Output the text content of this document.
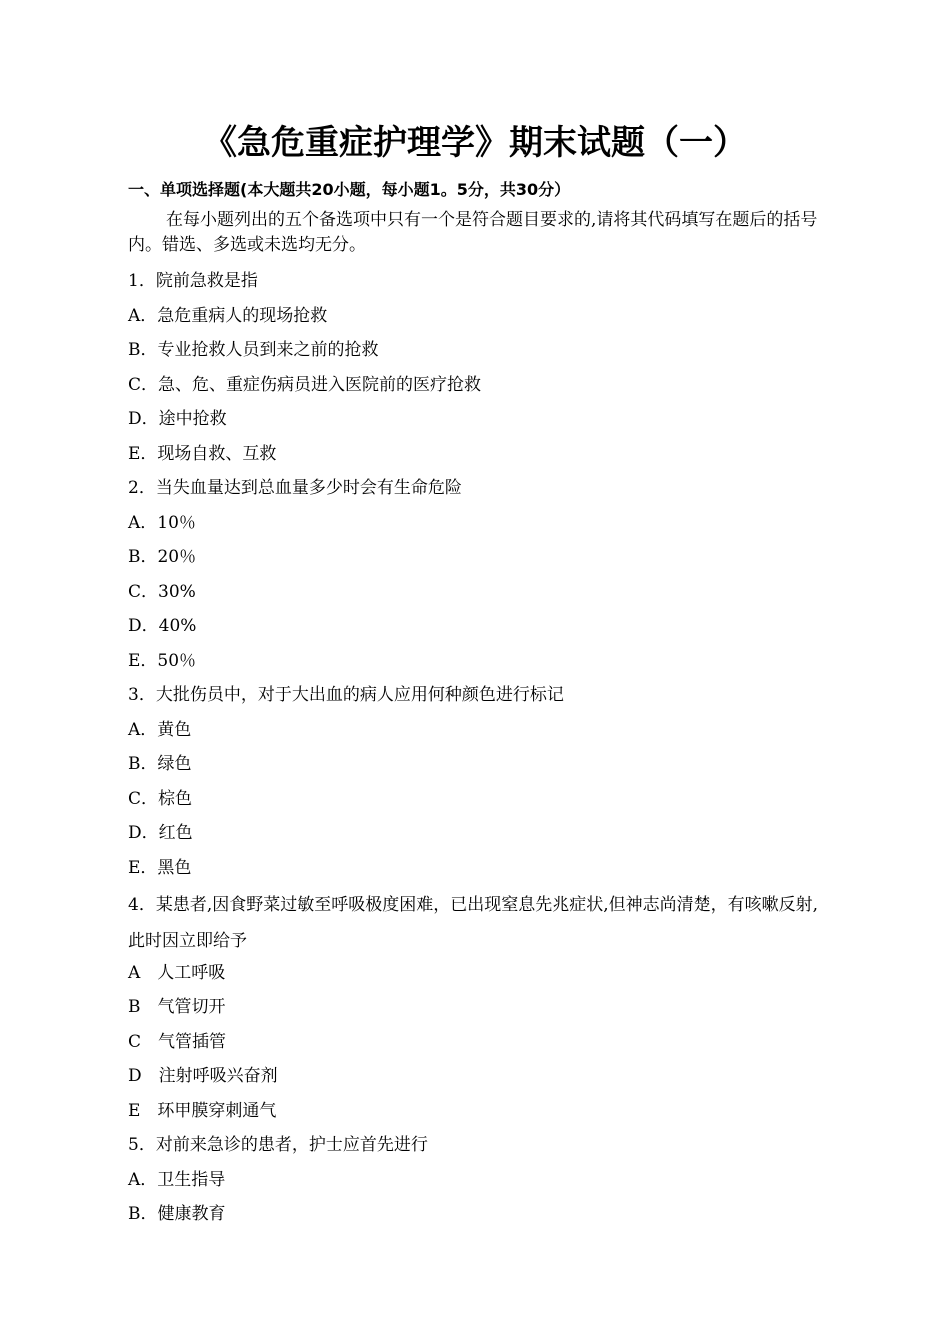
《急危重症护理学》期末试题（一）
一、单项选择题(本大题共20小题，每小题1。5分，共30分）
在每小题列出的五个备选项中只有一个是符合题目要求的,请将其代码填写在题后的括号内。错选、多选或未选均无分。
1．院前急救是指
A．急危重病人的现场抢救
B．专业抢救人员到来之前的抢救
C．急、危、重症伤病员进入医院前的医疗抢救
D．途中抢救
E．现场自救、互救
2．当失血量达到总血量多少时会有生命危险
A．10％
B．20％
C．30%
D．40%
E．50％
3．大批伤员中，对于大出血的病人应用何种颜色进行标记
A．黄色
B．绿色
C．棕色
D．红色
E．黑色
4．某患者,因食野菜过敏至呼吸极度困难，已出现窒息先兆症状,但神志尚清楚，有咳嗽反射,此时因立即给予
A　人工呼吸
B　气管切开
C　气管插管
D　注射呼吸兴奋剂
E　环甲膜穿刺通气
5．对前来急诊的患者，护士应首先进行
A．卫生指导
B．健康教育
